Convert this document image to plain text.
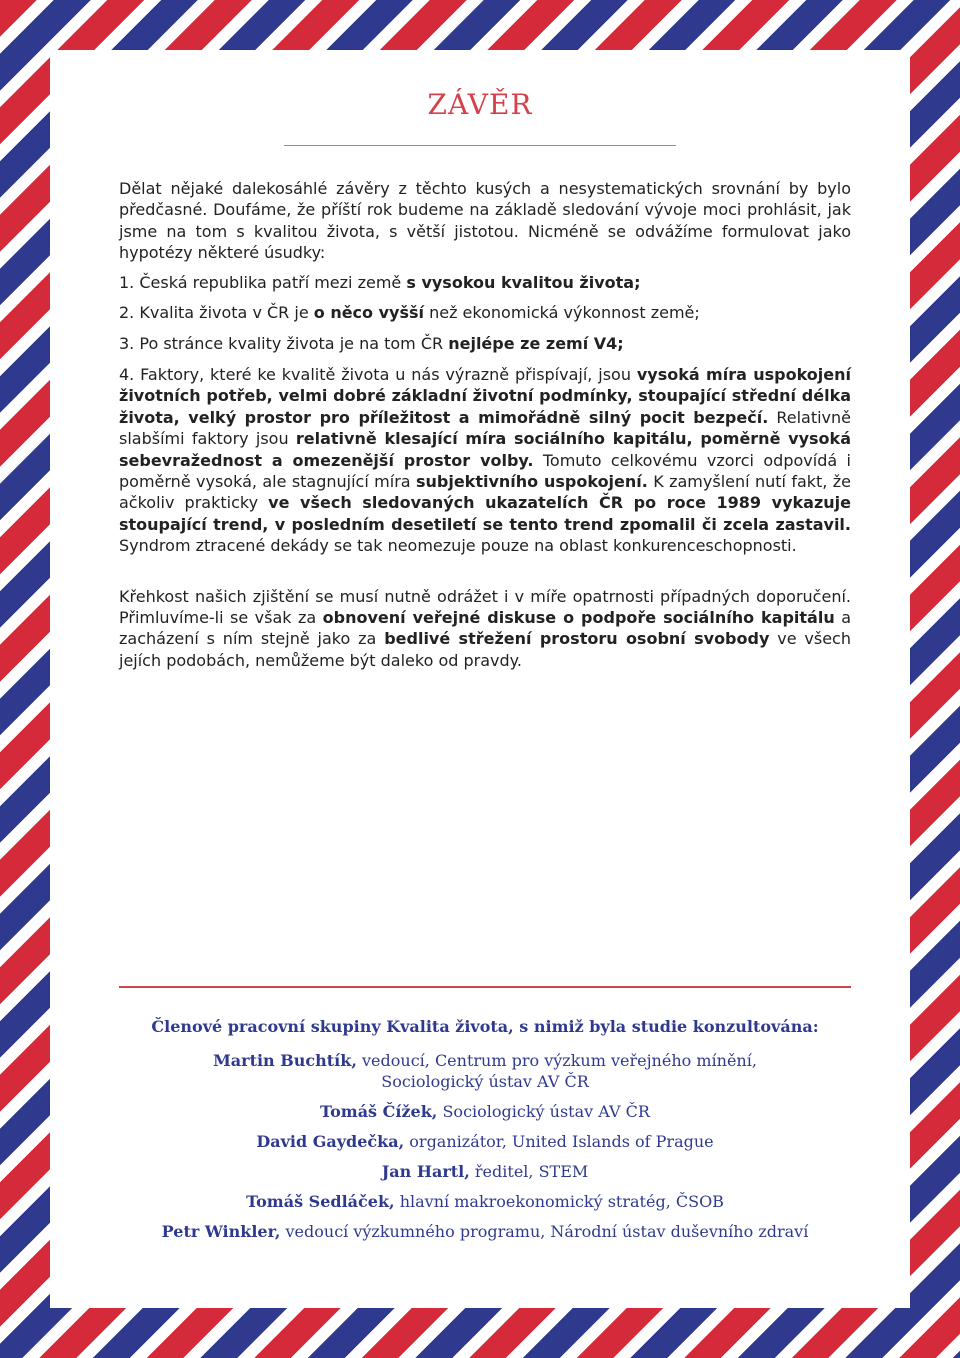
ZÁVĚR

Dělat nějaké dalekosáhlé závěry z těchto kusých a nesystematických srovnání by bylo předčasné. Doufáme, že příští rok budeme na základě sledování vývoje moci prohlásit, jak jsme na tom s kvalitou života, s větší jistotou. Nicméně se odvážíme formulovat jako hypotézy některé úsudky:

1. Česká republika patří mezi země s vysokou kvalitou života;
2. Kvalita života v ČR je o něco vyšší než ekonomická výkonnost země;
3. Po stránce kvality života je na tom ČR nejlépe ze zemí V4;
4. Faktory, které ke kvalitě života u nás výrazně přispívají, jsou vysoká míra uspokojení životních potřeb, velmi dobré základní životní podmínky, stoupající střední délka života, velký prostor pro příležitost a mimořádně silný pocit bezpečí. Relativně slabšími faktory jsou relativně klesající míra sociálního kapitálu, poměrně vysoká sebevražednost a omezenější prostor volby. Tomuto celkovému vzorci odpovídá i poměrně vysoká, ale stagnující míra subjektivního uspokojení. K zamyšlení nutí fakt, že ačkoliv prakticky ve všech sledovaných ukazatelích ČR po roce 1989 vykazuje stoupající trend, v posledním desetiletí se tento trend zpomalil či zcela zastavil. Syndrom ztracené dekády se tak neomezuje pouze na oblast konkurenceschopnosti.

Křehkost našich zjištění se musí nutně odrážet i v míře opatrnosti případných doporučení. Přimluvíme-li se však za obnovení veřejné diskuse o podpoře sociálního kapitálu a zacházení s ním stejně jako za bedlivé střežení prostoru osobní svobody ve všech jejích podobách, nemůžeme být daleko od pravdy.

Členové pracovní skupiny Kvalita života, s nimiž byla studie konzultována:
Martin Buchtík, vedoucí, Centrum pro výzkum veřejného mínění,
Sociologický ústav AV ČR
Tomáš Čížek, Sociologický ústav AV ČR
David Gaydečka, organizátor, United Islands of Prague
Jan Hartl, ředitel, STEM
Tomáš Sedláček, hlavní makroekonomický stratég, ČSOB
Petr Winkler, vedoucí výzkumného programu, Národní ústav duševního zdraví
